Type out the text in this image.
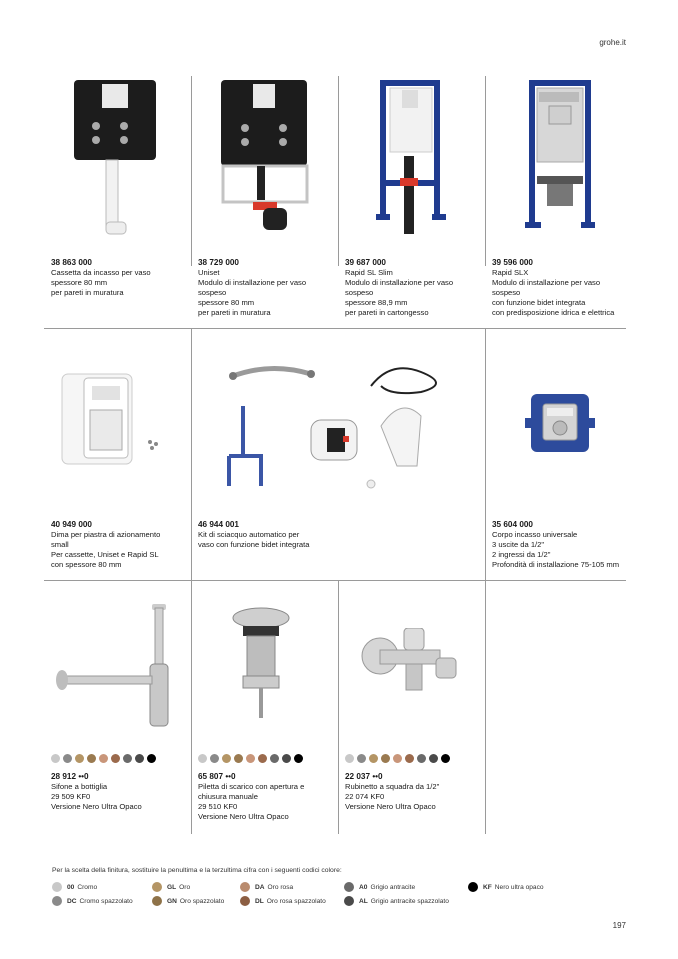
grohe.it

38 863 000

Cassetta da incasso per vaso
spessore 80 mm
per pareti in muratura

38 729 000

Uniset
Modulo di installazione per vaso
sospeso
spessore 80 mm
per pareti in muratura

39 687 000

Rapid SL Slim
Modulo di installazione per vaso
sospeso
spessore 88,9 mm
per pareti in cartongesso

39 596 000

Rapid SLX
Modulo di installazione per vaso
sospeso
con funzione bidet integrata
con predisposizione idrica e elettrica

40 949 000

Dima per piastra di azionamento
small
Per cassette, Uniset e Rapid SL
con spessore 80 mm

46 944 001

Kit di sciacquo automatico per
vaso con funzione bidet integrata

35 604 000

Corpo incasso universale
3 uscite da 1/2"
2 ingressi da 1/2"
Profondità di installazione 75-105 mm

28 912 ••0

Sifone a bottiglia
29 509 KF0
Versione Nero Ultra Opaco

65 807 ••0

Piletta di scarico con apertura e
chiusura manuale
29 510 KF0
Versione Nero Ultra Opaco

22 037 ••0

Rubinetto a squadra da 1/2"
22 074 KF0
Versione Nero Ultra Opaco

Per la scelta della finitura, sostituire la penultima e la terzultima cifra con i seguenti codici colore:
00 Cromo
DC Cromo spazzolato
GL Oro
GN Oro spazzolato
DA Oro rosa
DL Oro rosa spazzolato
A0 Grigio antracite
AL Grigio antracite spazzolato
KF Nero ultra opaco
197
